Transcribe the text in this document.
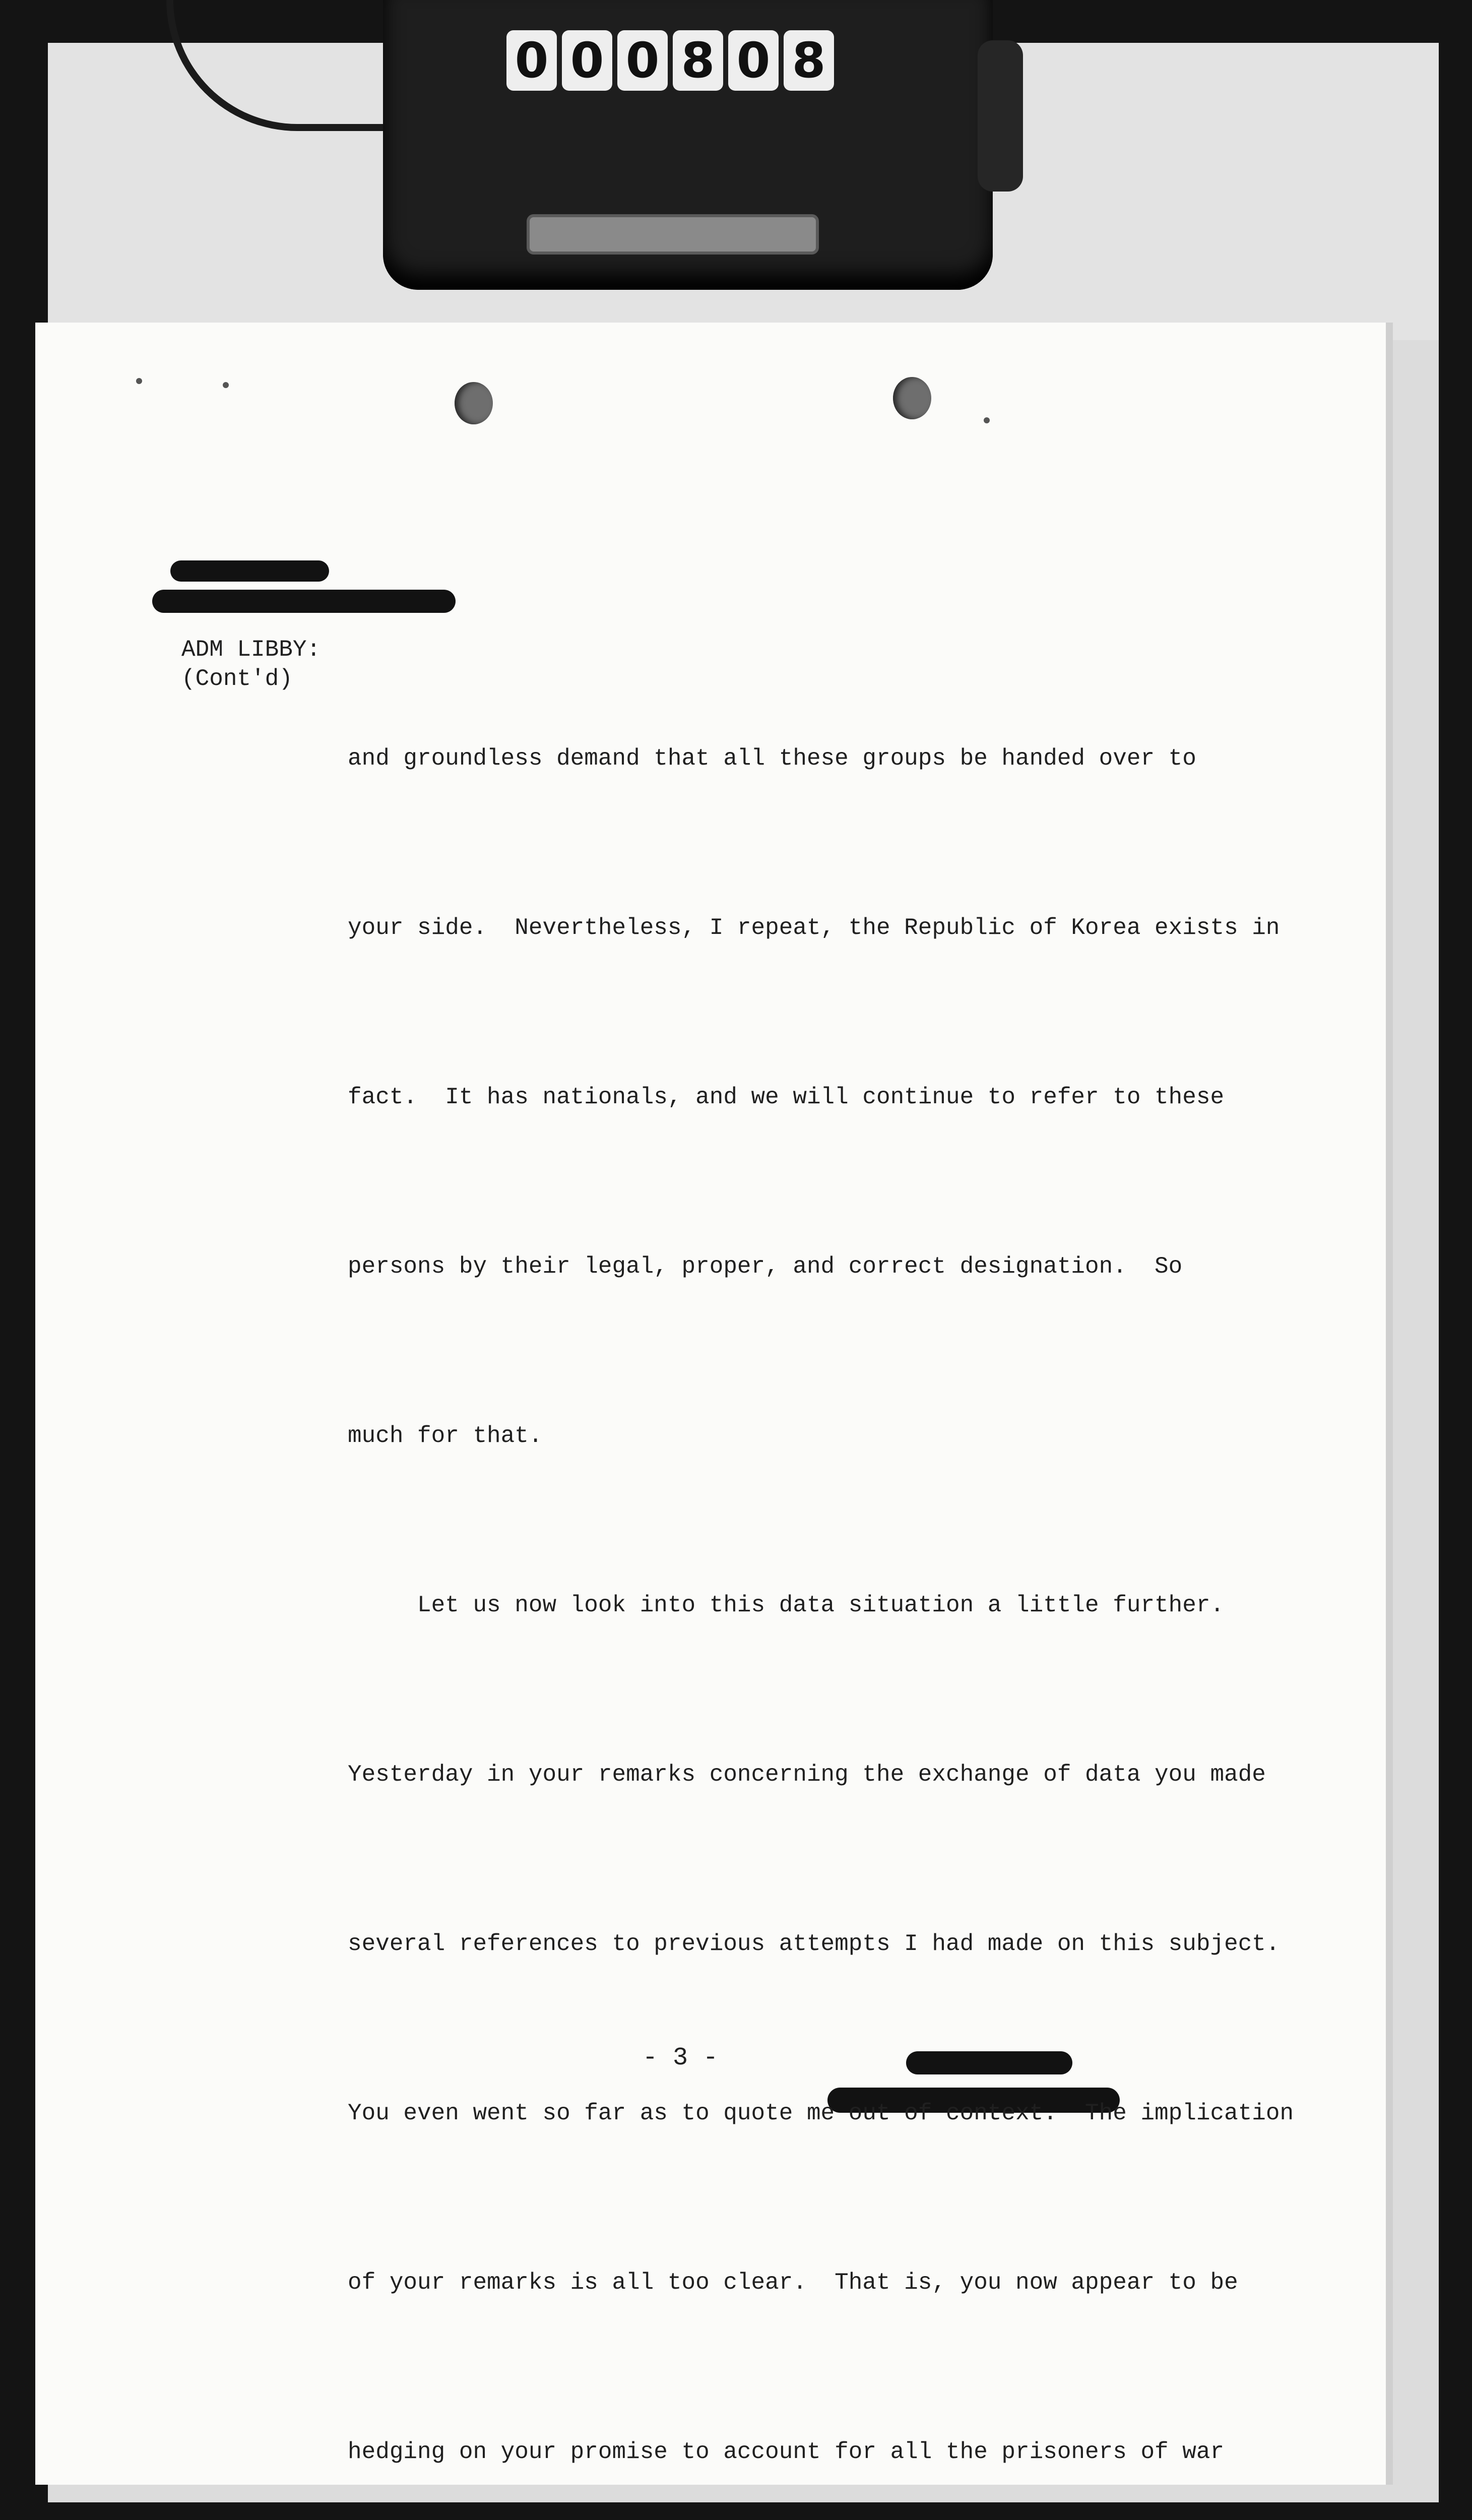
0 0 0 8 0 8
ADM LIBBY:
(Cont'd)

and groundless demand that all these groups be handed over to

your side.  Nevertheless, I repeat, the Republic of Korea exists in

fact.  It has nationals, and we will continue to refer to these

persons by their legal, proper, and correct designation.  So

much for that.

Let us now look into this data situation a little further.

Yesterday in your remarks concerning the exchange of data you made

several references to previous attempts I had made on this subject.

You even went so far as to quote me out of context.  The implication

of your remarks is all too clear.  That is, you now appear to be

hedging on your promise to account for all the prisoners of war

- 3 -
